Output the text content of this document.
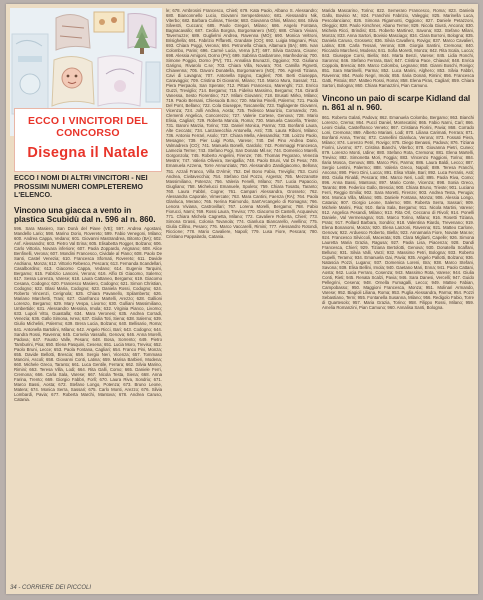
ECCO I VINCITORI DEL CONCORSO
Disegna il Natale

ECCO I NOMI DI ALTRI VINCITORI - NEI PROSSIMI NUMERI COMPLETEREMO L'ELENCO.

Vincono una giacca a vento in plastica Scubidù dal n. 596 al n. 860.

596. Sara Masiero, San Donà del Piave (VE); 597. Andrea Agostani, Mandello Lario; 598. Marino Dorio, Rovereto; 599. Fabio Venegoni, Milano; 600. Andrea Cappa, Vedano; 601. Giovanni Mastrandrea, Bitonto (BA); 602. Anf. Alessandro; 603. Pietro Val Erina; 605. Elisabetta Rogger, Bolzano; 606. Carlo Vittoria, Novara inferiore; 607. Paola Zoppardo, Arignano; 608. Alice Benfinelli, Verona; 607. Mondini Francesco, Cividale al Piano; 608. Paolo De Santi, Castel Venezia; 610. Francesca Sfornati, Rovereto; 611. Davide Andriano, Monza; 612. Vittorio Rebesco, Pescara; 613. Fernanda Scandellari, Casalbordino; 613. Giacomo Cappa, Vedano; 614. Eugenio Tarquini, Bergamo; 615. Fabrizio Lanconi, Verona; 616. Alfio Di Giacomo, Salerno; 617. Sessa Lorenza, Varese; 618. Laura Cattaneo, Bergamo; 619. Giacomo Cesana, Codogno; 620. Francesco Masiero, Codogno; 621. Simon Christian, Codogno; 622. Blasi Maria, Codogno; 623. Daniela Rossi, Codogno; 624. Roberto Vincenzi, Cerignola; 625. Chiara Pavanello, Spilamberto; 626. Mariano Marchetti, Trani; 627. Gianfranco Martelli, Arezzo; 628. Gallioni Lorenzo, Bergamo; 629. Mary Vespa, Livorno; 630. Gulliani Massimiliano, Umbertide; 631. Alessandro Messina, Imola; 632. Virginia Pianco, Livorno; 633. Lupoli Vitto, Guastalla; 634. Mara Veronesi; 635. Andrea Corradi, Venezia; 636. Gallo Simona, Ivrea; 637. Giulia Toti, Siena; 638. Salerno; 639. Giulio Michelini, Palermo; 639. Brera Lucia, Bolzano; 640. Bellisario, Roma; 641. Antonella Bartolini, Milano; 642. Angelo Ricci, Bari; 643. Codogno; 644. Sandra Rossi, Ravenna; 645. Cornelia Vassallo, Genova; 646. Anna Morelli, Padova; 647. Fausto Valle, Pesaro; 648. Bosa, Sorrento; 649. Pietro Tamburini, Pisa; 650. Elena Pasquini, Cesena; 651. Lucia Moro, Treviso; 652. Paolo Bruni, Lecce; 653. Paola Fontana, Cagliari; 654. Franco Pini, Monza; 655. Davide Bellotti, Brescia; 656. Sergio Neri, Vicenza; 657. Tommaso Mancini, Ascoli; 658. Giovanni Conti, Latina; 659. Marisa Barbieri, Modena; 660. Michele Greco, Taranto; 661. Luca Gentile, Ferrara; 662. Silvia Marino, Rimini; 663. Teresa Villa, Lodi; 664. Rita Galli, Como; 665. Daniele Ferri, Cremona; 666. Carla Sala, Varese; 667. Nicola Testa, Siena; 668. Anna Farina, Trento; 669. Giorgio Fabbri, Forlì; 670. Laura Riva, Sondrio; 671. Marco Bassi, Aosta; 672. Stefano Longo, Potenza; 673. Bruno Leone, Matera; 674. Monica Serra, Sassari; 675. Carlo Monti, Arezzo; 676. Silvia Lombardi, Pavia; 677. Roberta Marchi, Mantova; 678. Andrea Caruso, Catania.

le; 678. Ambrosini Francesco, Chieti; 679. Kata Paolo, Albano S. Alessandro; 680. Bianconnello Lucio, Giovanni Semperdenaro; 681. Alessandro Nik, Viterbo; 682. Barbara Culinas, Trieste; 683. Giovanna Ghini, Milano; 684. Silvia Silvestri, Cuccaro; 685. Paolo Gregori, Milano; 686. Angelo Fontana, Bagnacavallo; 687. Cecilia Borgna, Borgomanero (NO); 688. Chiara Viviani, Tavernuzze; 689. Guglielmi Andrea, Ravenna (MO); 690. Monica Veltroni, Brisighella; 691. Fabrizio Piffaretti, Grandate (CO); 692. Luigia Magnani, Pisa; 693. Chiara Poggi, Verona; 694. Petronella Chiara, Altamura (BA); 695. Ivan Colombo, Parini; 696. Carmè Lucia, Verna (LT); 697. Silvia Garzara, Cisone; 698. Alessia Amigoni, Dorno (PV); 699. Sabrina Gasbarrone, Manfredonia; 700. Simone Poggio, Dorno (PV); 701. Annalisa Brunazzi, Oggiono; 702. Giuliano Garigno, Rivarolo C.se; 703. Chiara Villa, Novara; 704. Camilla Pignetti, Chiavenna; 705. Davoni Donatella, Borgomanero (NO); 706. Agresti Tiziana, Cavi di Lavagna; 707. Antonella Spigno, Caglieri; 708. Berti Giuseppa, Caravaggio; 709. Cristina Di Giovanni, Milano; 710. Marco Mura, Sassari; 711. Piera Pierpaolo, San Sperate; 712. Pittani Francesco, Marenghi; 713. Enrico Guzzi, Treviglio; 714. Bergamo; 715. Fidelso Massimo, Bergamo; 716. Girardi Vanessa, Sesto Fiorentino; 717. Milani Giovanni; 718. Brusati Mirko, Milano; 719. Paolo Bersani, Chiesuola B.mo; 720. Marina Pinelli, Palermo; 721. Paola Del Pont, Bellano; 722. Cola Giuseppe, Toscanella; 723. Tagliagente Giovanni, Vicenza; 724. Jolli Andrea, Aosta; 725. Tedesco Maurizio, Cornaredo; 726. Clementi Angelica, Concorezzo; 727. Valerie Cortese, Genova; 728. Mario Elisia, Cagliari; 729. Roberta Mancia, Roma; 730. Manuela Cascella, Trieste; 731. Baroni Marzia, Torino; 732. Daniel Monica, Parma; 733. Bonfanti Laura, Alte Ceccato; 734. Lanzavecchia Antonella, Asti; 735. Laura Riboni, Milano; 736. Antonio Ferrari, Asolo; 737. Chiara Mella, Alessandria; 738. Loizzo Paolo, Mesagne; 739. Pier Luigi Porta, Varese; 740. Del Pino Andrea Dario, Valmadrera (CO); 741. Manuela Bonelli, Gardolo; 742. Pommaggi Francesca, Lamezia Terme; 743. Stefano Pogi, San Donato Mil.se; 744. Domenico Marelli, Gorgonzola; 745. Roberto Angelini, Firenze; 746. Thomas Pegoraro, Venezia Mestre; 747. Valeria Oliveira, Senigallia; 748. Paolo Bruni, Val Di Pesa; 749. Emanuela Azzena, Torre Annunziata; 750. Alessandro Zandigiacomo, Bellona; 751. Azzali Franco, Villa D'Almè; 752. Del Bono Fabio, Treviglio; 753. Curci Andrea, Civitavecchia; 754. Stefano Dal Pozzo, Argenta; 755. Mezzanotte Massimiliano, Potenza; 756. Valeria Fenelli, Milano; 757. Lucia Papaccio, Giugliano; 758. Michelucci Emanuele, Spoleto; 759. Chiara Tosatto, Taranto; 760. Laura Fabbri, Cogne; 761. Campari Alessandra, Grosseto; 762. Alessandra Caporale, Vimercate; 763. Mara Cantini, Faenza (RA); 764. Paola Glanluca, Merano; 765. Nerina Raimondo, Sant'Arcangelo di Romagna; 766. Lenora Viviana, Castrovillari; 767. Lorena Morelli, Bergamo; 768. Fabio Fiorucci, Narni; 769. Rossi Laura, Treviso; 770. Giacomo Di Castelli, Acquaviva; 771. Chiara Michela Cagnetta, Milano; 772. Cavaliere Roberta, Chieri; 773. Simona Grassi, Colonia Tovanola; 774. Gianluca Biancarello, Avellino; 775. Giulia Cillino, Pesaro; 776. Marco Vaccarelli, Rimini; 777. Alessandro Rotondi, Riccione; 778. Mario Cavaliere, Napoli; 779. Lusa Fiore, Pescara; 780. Cristiano Pappalardo, Catania.

Marida Mascarino, Torino; 822. Semeraro Francesco, Roma; 823. Daniela Gallo, Bovisio M.; 824. Franchini Fabrizio, Valeggio; 825. Marinella Luca, Pescolanciano; 826. Simona Rigamonti, Oggiono; 827. Daniele Petazzoni, Oleggio; 828. Paolo Kirschner, Abano Terme; 829. Nicola Giusti, Ancona; 830. Michela Ricci, Brindisi; 831. Roberto Martinez, Savona; 832. Stefano Milani, Monza; 833. Anna Sartori, Bovisio Masciago; 834. Clara Borroni, Bologna; 835. Daniela Caruso, Grosseto; 836. Silvia Cavallero, Rovigo; 837. Marco Cavalieri, Latina; 838. Carla Tessari, Verona; 839. Giorgia Santini, Cremona; 840. Riccardo Marchesi, Modena; 841. Sofia Moretti, Monza; 842. Rita Scala, Lucca; 843. Giuseppe Corsi, Biella; 844. Marta Benzi, Varese; 845. Lidia Ronchi, Saronno; 846. Stefano Ferrara, Bari; 847. Cristina Pace, Chiavari; 848. Enrica Coppola, Brescia; 849. Marco Colombo, Legnano; 850. Gianni Boschi, Rovigo; 851. Sara Martinelli, Parma; 852. Luca Marini, Alghero; 853. Silvia Fabbri, Ravenna; 854. Paolo Negri, Imola; 855. Ilaria Donati, Rimini; 856. Francesca Gatti, Pistoia; 857. Matteo Rossi, Roma; 858. Elena Piras, Cagliari; 859. Chiara Sartori, Bologna; 860. Chiara Ramazzini, Pian Camuno.

Vincono un paio di scarpe Kidland dal n. 861 al n. 960.

861. Roberto Galati, Padova; 862. Emanuela Colombo, Bergamo; 863. Bianchi Lorenzo, Crema; 864. Puccì Daniel, Montecatini; 865. Fabio Narni, Carì; 866. Leoni Giulia, Castelfranco Veneto; 867. Cristiana Fiorini, Pavia; 868. Corrado Loni, Cremona; 869. Alberto Mariani, Lodi; 870. Liliana Carimati, Ferrara; 871. Bonfanti Anna, Trento; 872. Camellini Gianluca, Verona; 873. Fossati Piera, Milano; 874. Lorenzo Petri, Rovigo; 875. Diego Benassi, Padova; 876. Tiziana Fiorini, Livorno; 877. Cristina Bianchi, Viterbo; 878. Giovanna Pietri, Cuneo; 879. Lorenzo Monti, Udine; 880. Stefano Rota, Cremona; 881. Elena Martelli, Treviso; 882. Simonetta Mori, Foggia; 883. Vincenzo Faggioni, Torino; 884. Ilaria Mosca, Genova; 885. Marco Pini, Parma; 886. Laura Baldi, Lecco; 887. Sergio Lentini, Palermo; 888. Valeria Greco, Napoli; 889. Teresa Franchi, Ancona; 890. Piero Dini, Lucca; 891. Elisa Vitale, Bari; 892. Luca Ferraris, Asti; 893. Giulia Rinaldi, Pescara; 894. Marco Neri, Lodi; 895. Paola Riva, Como; 896. Anna Bassi, Mantova; 897. Mario Conte, Vicenza; 898. Sonia Greco, Taranto; 899. Federico Gallo, Brescia; 900. Chiara Bruno, Trieste; 901. Luciano Ferri, Reggio Emilia; 902. Sara Moretti, Firenze; 903. Andrea Testa, Perugia; 904. Monica Villa, Milano; 905. Daniele Fontana, Monza; 906. Alessia Longo, Catania; 907. Giorgio Leone, Salerno; 908. Roberta Serra, Sassari; 909. Michele Marini, Pisa; 910. Ilaria Sala, Bergamo; 911. Nicola Martini, Varese; 912. Angelica Pesandi, Milano; 913. Rita Orl, Ceccano di Rivoli; 914. Ponelli Daniele, Val Vermenagna; 915. Marco Torino, Milano; 916. Rosetti Tiziana, Prato; 917. Pollard Barbara, Sondrio; 918. Valentina Riardo, Trevenano; 919. Elena Bonanomi, Monza; 920. Elena Lanzoni, Ravenna; 921. Matteo Carlone, Genova; 922. Arduesco Roberto, Biella; 923. Annamaria Fiore, Novate Mar.se; 924. Francesco Silviccoli, Macerata; 925. Clara Migliarti, Capelle; 926. Simona Lauretta Maria Grazia, Ragusa; 927. Paola Lisa, Piacenza; 928. Dandi Francesca, Chieri; 929. Tiziana Bertolotti, Genova; 930. Donatella Scalfani, Belluno; 931. Silvia Valli, Varzi; 932. Massimo Petri, Bologna; 933. Roberto Cupelli, Teramo; 934. Emanuela Gai, Pavia; 935. Angelo Pallotti, Bolzano; 936. Natascia Pozzi, Lugano; 937. Domenica Loreni, Bra; 938. Marco Stefani, Savona; 939. Elisa Bellini, Imola; 940. Gaetano Mari, Enna; 941. Paolo Cattani, Aosta; 942. Lucia Ferraro, Cosenza; 943. Massimo Rota, Varese; 944. Giulia Conti, Rieti; 945. Renata Scalzi, Pavia; 946. Sara Danesi, Vercelli; 947. Guido Pellegrini, Cesena; 948. Ornella Fumagalli, Lecco; 949. Matteo Fabian, Campobasso; 950. Maggioni Francesca, Monza; 951. Molinari Armando, Varese; 952. Biagioli Liliana, Roma; 953. Puglia Alessandra, Parma; 954. Pozzi Sebastiano, Terni; 955. Fontanella Susanna, Milano; 956. Redigolo Fabio, Torre di Quartesolo; 957. Maria Grazia, Torino; 958. Filippo Rossi, Milano; 959. Amelia Romanzini, Pian Camuno; 960. Annalisa Santi, Bologna.

34 - CORRIERE DEI PICCOLI
